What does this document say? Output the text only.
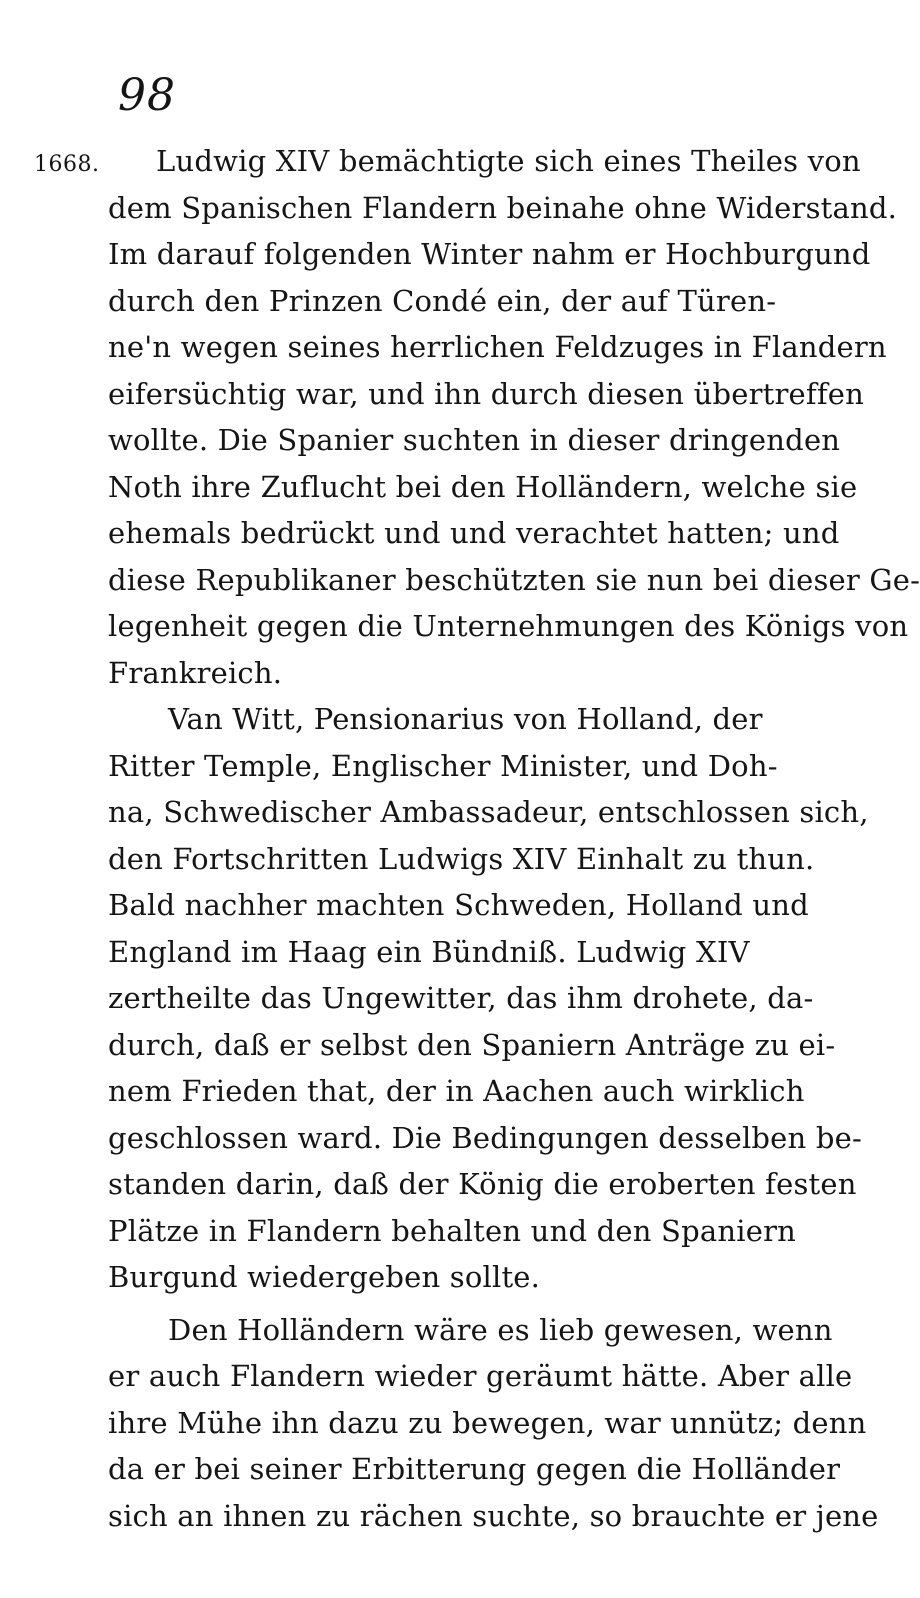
98
1668.	Ludwig XIV bemächtigte sich eines Theiles von
dem Spanischen Flandern beinahe ohne Widerstand.
Im darauf folgenden Winter nahm er Hochburgund
durch den Prinzen Condé ein, der auf Türen-
ne'n wegen seines herrlichen Feldzuges in Flandern
eifersüchtig war, und ihn durch diesen übertreffen
wollte. Die Spanier suchten in dieser dringenden
Noth ihre Zuflucht bei den Holländern, welche sie
ehemals bedrückt und und verachtet hatten; und
diese Republikaner beschützten sie nun bei dieser Ge-
legenheit gegen die Unternehmungen des Königs von
Frankreich.
Van Witt, Pensionarius von Holland, der
Ritter Temple, Englischer Minister, und Doh-
na, Schwedischer Ambassadeur, entschlossen sich,
den Fortschritten Ludwigs XIV Einhalt zu thun.
Bald nachher machten Schweden, Holland und
England im Haag ein Bündniß. Ludwig XIV
zertheilte das Ungewitter, das ihm drohete, da-
durch, daß er selbst den Spaniern Anträge zu ei-
nem Frieden that, der in Aachen auch wirklich
geschlossen ward. Die Bedingungen desselben be-
standen darin, daß der König die eroberten festen
Plätze in Flandern behalten und den Spaniern
Burgund wiedergeben sollte.
Den Holländern wäre es lieb gewesen, wenn
er auch Flandern wieder geräumt hätte. Aber alle
ihre Mühe ihn dazu zu bewegen, war unnütz; denn
da er bei seiner Erbitterung gegen die Holländer
sich an ihnen zu rächen suchte, so brauchte er jene
